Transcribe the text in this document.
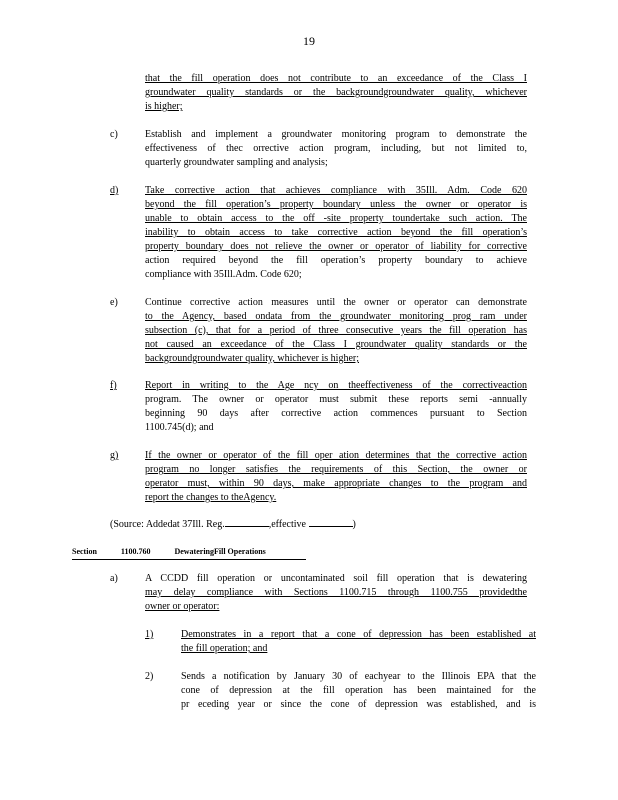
19
that the fill operation does not contribute to an exceedance of the Class I
groundwater quality standards or the backgroundgroundwater quality, whichever
is higher;
c)	Establish and implement a groundwater monitoring program to demonstrate the
effectiveness of thec orrective action program, including, but not limited to,
quarterly groundwater sampling and analysis;
d)	Take corrective action that achieves compliance with 35Ill. Adm. Code 620
beyond the fill operation’s property boundary unless the owner or operator is
unable to obtain access to the off -site property toundertake such action. The
inability to obtain access to take corrective action beyond the fill operation’s
property boundary does not relieve the owner or operator of liability for corrective
action required beyond the fill operation’s property boundary to achieve
compliance with 35Ill.Adm. Code 620;
e)	Continue corrective action measures until the owner or operator can demonstrate
to the Agency, based ondata from the groundwater monitoring prog ram under
subsection (c), that for a period of three consecutive years the fill operation has
not caused an exceedance of the Class I groundwater quality standards or the
backgroundgroundwater quality, whichever is higher;
f)	Report in writing to the Age ncy on theeffectiveness of the correctiveaction
program. The owner or operator must submit these reports semi -annually
beginning 90 days after corrective action commences pursuant to Section
1100.745(d); and
g)	If the owner or operator of the fill oper ation determines that the corrective action
program no longer satisfies the requirements of this Section, the owner or
operator must, within 90 days, make appropriate changes to the program and
report the changes to theAgency.
(Source: Addedat 37Ill. Reg.	,effective	)
Section	1100.760	DewateringFill Operations
a)	A CCDD fill operation or uncontaminated soil fill operation that is dewatering
may delay compliance with Sections 1100.715 through 1100.755 providedthe
owner or operator:
1)	Demonstrates in a report that a cone of depression has been established at
the fill operation; and
2)	Sends a notification by January 30 of eachyear to the Illinois EPA that the
cone of depression at the fill operation has been maintained for the
pr eceding year or since the cone of depression was established, and is
